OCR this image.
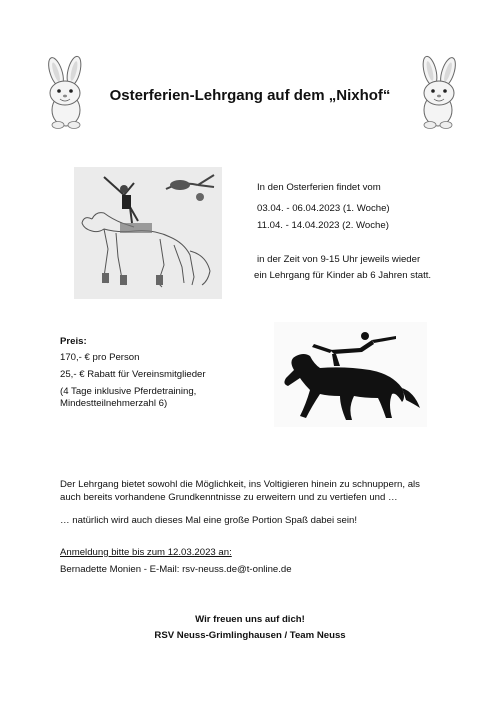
Osterferien-Lehrgang auf dem „Nixhof“
In den Osterferien findet vom
03.04. - 06.04.2023 (1. Woche)
11.04. - 14.04.2023 (2. Woche)
in der Zeit von 9-15 Uhr jeweils wieder
ein Lehrgang für Kinder ab 6 Jahren statt.
Preis:
170,- € pro Person
25,- € Rabatt für Vereinsmitglieder
(4 Tage inklusive Pferdetraining,
Mindestteilnehmerzahl 6)
Der Lehrgang bietet sowohl die Möglichkeit, ins Voltigieren hinein zu schnuppern, als
auch bereits vorhandene Grundkenntnisse zu erweitern und zu vertiefen und …
… natürlich wird auch dieses Mal eine große Portion Spaß dabei sein!
Anmeldung bitte bis zum 12.03.2023 an:
Bernadette Monien - E-Mail: rsv-neuss.de@t-online.de
Wir freuen uns auf dich!
RSV Neuss-Grimlinghausen / Team Neuss
